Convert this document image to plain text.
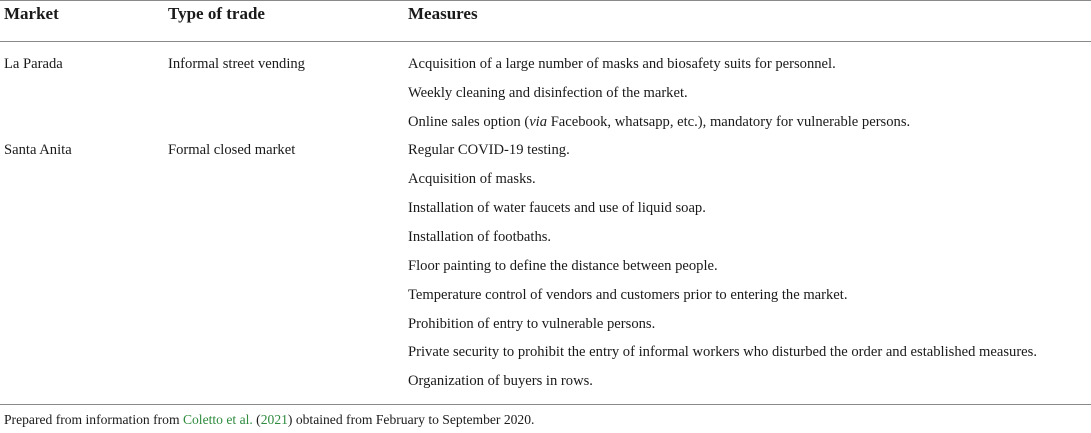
Market	Type of trade	Measures
La Parada	Informal street vending	Acquisition of a large number of masks and biosafety suits for personnel.
Weekly cleaning and disinfection of the market.
Online sales option (via Facebook, whatsapp, etc.), mandatory for vulnerable persons.
Santa Anita	Formal closed market	Regular COVID-19 testing.
Acquisition of masks.
Installation of water faucets and use of liquid soap.
Installation of footbaths.
Floor painting to define the distance between people.
Temperature control of vendors and customers prior to entering the market.
Prohibition of entry to vulnerable persons.
Private security to prohibit the entry of informal workers who disturbed the order and established measures.
Organization of buyers in rows.
Prepared from information from Coletto et al. (2021) obtained from February to September 2020.
